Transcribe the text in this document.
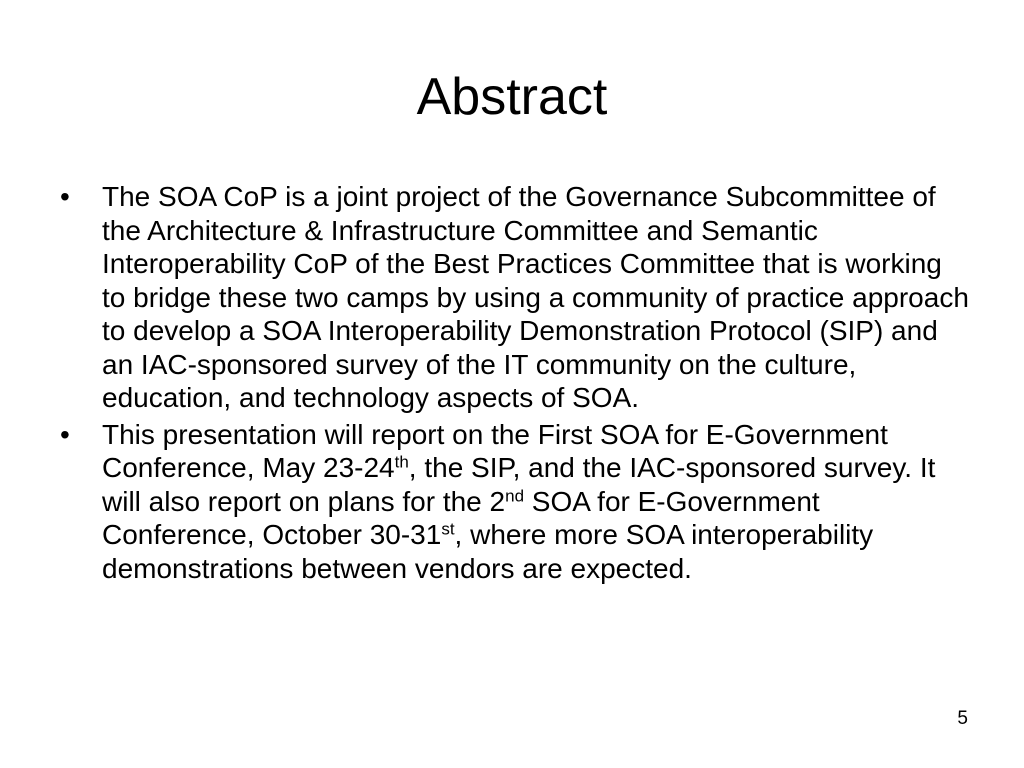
Abstract
• The SOA CoP is a joint project of the Governance Subcommittee of the Architecture & Infrastructure Committee and Semantic Interoperability CoP of the Best Practices Committee that is working to bridge these two camps by using a community of practice approach to develop a SOA Interoperability Demonstration Protocol (SIP) and an IAC-sponsored survey of the IT community on the culture, education, and technology aspects of SOA.
• This presentation will report on the First SOA for E-Government Conference, May 23-24th, the SIP, and the IAC-sponsored survey. It will also report on plans for the 2nd SOA for E-Government Conference, October 30-31st, where more SOA interoperability demonstrations between vendors are expected.
5
